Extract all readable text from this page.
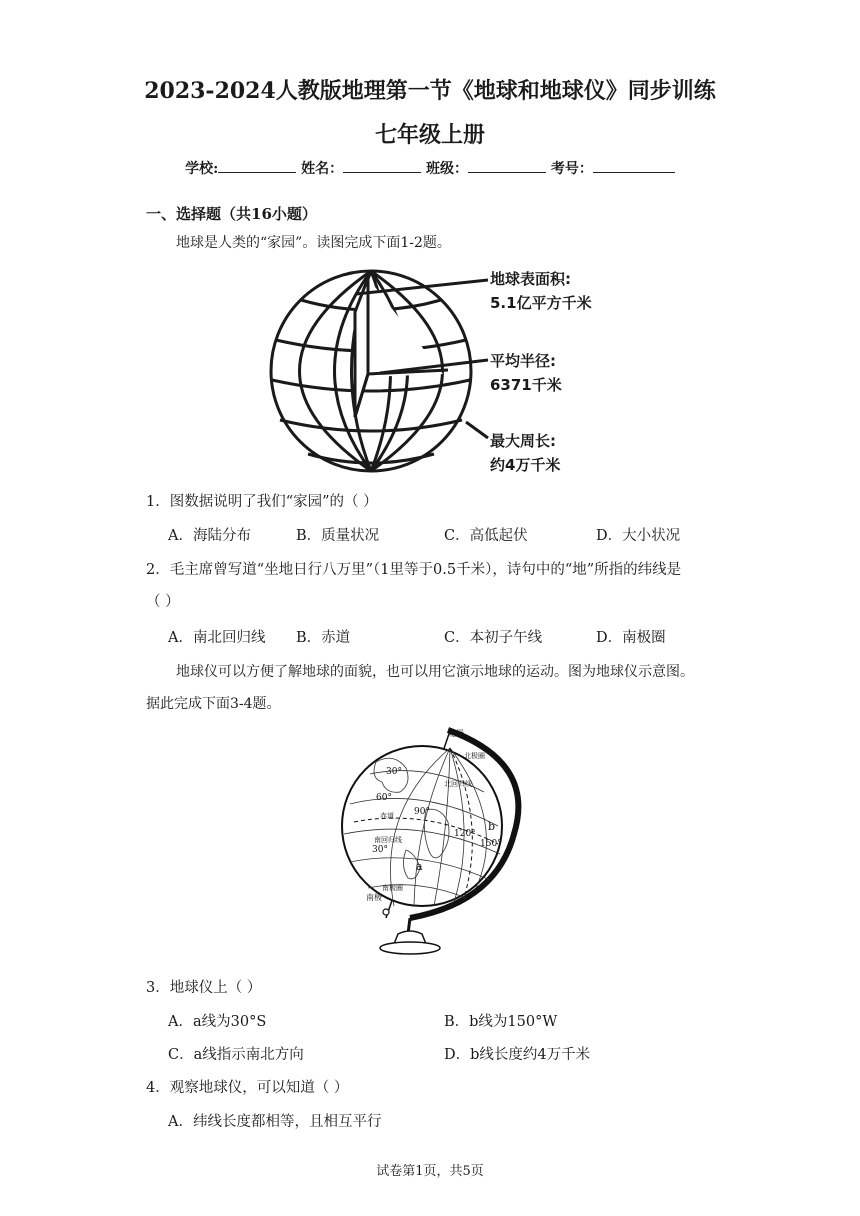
2023-2024人教版地理第一节《地球和地球仪》同步训练
七年级上册
学校:	姓名：	班级：	考号：
一、选择题（共16小题）
地球是人类的“家园”。读图完成下面1-2题。
地球表面积:
5.1亿平方千米
平均半径:
6371千米
最大周长:
约4万千米
1．图数据说明了我们“家园”的（ ）
A．海陆分布	B．质量状况	C．高低起伏	D．大小状况
2．毛主席曾写道“坐地日行八万里”（1里等于0.5千米），诗句中的“地”所指的纬线是
（ ）
A．南北回归线 B．赤道	C．本初子午线	D．南极圈
地球仪可以方便了解地球的面貌，也可以用它演示地球的运动。图为地球仪示意图。
据此完成下面3-4题。
北极
北极圈
30°
北回归线
60°
90°
赤道
120°
b
150°
南回归线
30°
a
南极圈
南极
3．地球仪上（ ）
A．a线为30°S	B．b线为150°W
C．a线指示南北方向	D．b线长度约4万千米
4．观察地球仪，可以知道（ ）
A．纬线长度都相等，且相互平行
试卷第1页，共5页
